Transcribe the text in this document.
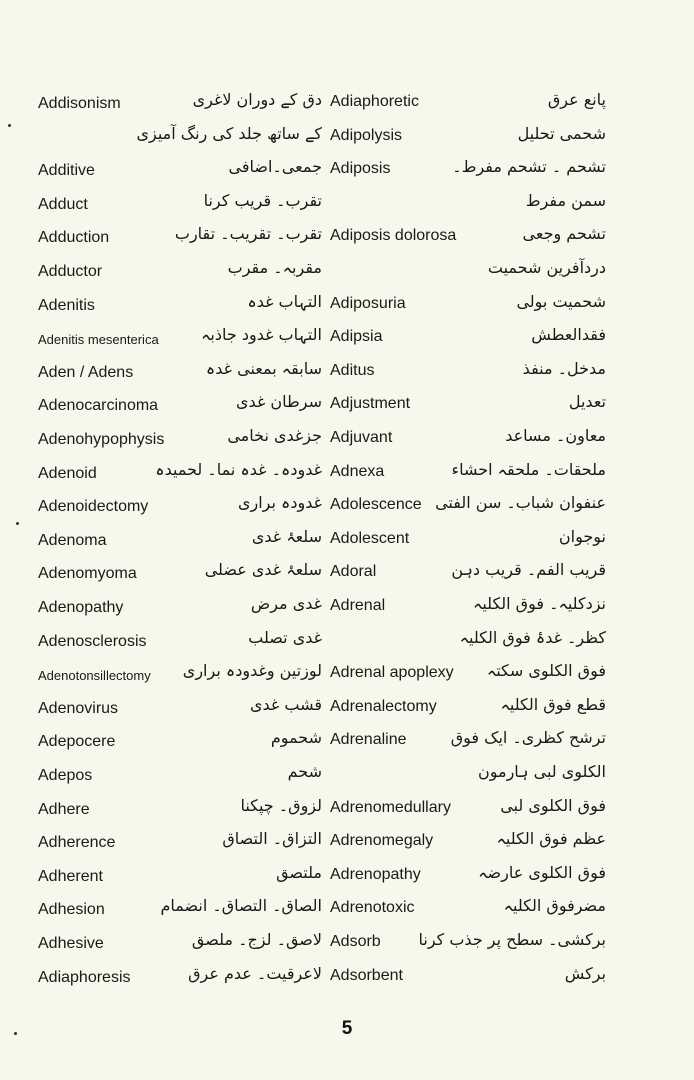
Addisonism	دق کے دوران لاغری Adiaphoretic	پانع عرق
کے ساتھ جلد کی رنگ آمیزی Adipolysis	شحمی تحلیل
Additive	جمعی۔اضافی Adiposis	تشحم ۔ تشحم مفرط۔
Adduct	تقرب۔ قریب کرنا	سمن مفرط
Adduction	تقرب۔ تقریب۔ تقارب Adiposis dolorosa	تشحم وجعی
Adductor	مقربہ۔ مقرب	دردآفرین شحمیت
Adenitis	التہاب غدہ Adiposuria	شحمیت بولی
Adenitis mesenterica	التہاب غدود جاذبہ Adipsia	فقدالعطش
Aden / Adens	سابقہ بمعنی غدہ Aditus	مدخل۔ منفذ
Adenocarcinoma	سرطان غدی Adjustment	تعدیل
Adenohypophysis	جزغدی نخامی Adjuvant	معاون۔ مساعد
Adenoid	غدودہ۔ غدہ نما۔ لحمیدہ Adnexa	ملحقات۔ ملحقہ احشاء
Adenoidectomy	غدودہ براری Adolescence عنفوان شباب۔ سن الفتی
Adenoma	سلعۂ غدی Adolescent	نوجوان
Adenomyoma	سلعۂ غدی عضلی Adoral	قریب الفم۔ قریب دہن
Adenopathy	غدی مرض Adrenal	نزدکلیہ۔ فوق الکلیہ
Adenosclerosis	غدی تصلب	کظر۔ غدۂ فوق الکلیہ
Adenotonsillectomy لوزتین وغدودہ براری Adrenal apoplexy فوق الکلوی سکتہ
Adenovirus	قشب غدی Adrenalectomy	قطع فوق الکلیہ
Adepocere	شحموم Adrenaline	ترشح کظری۔ ایک فوق
Adepos	شحم	الکلوی لبی ہارمون
Adhere	لزوق۔ چپکنا Adrenomedullary	فوق الکلوی لبی
Adherence	التزاق۔ التصاق Adrenomegaly	عظم فوق الکلیہ
Adherent	ملتصق Adrenopathy	فوق الکلوی عارضہ
Adhesion	الصاق۔ التصاق۔ انضمام Adrenotoxic	مضرفوق الکلیہ
Adhesive	لاصق۔ لزج۔ ملصق Adsorb برکشی۔ سطح پر جذب کرنا
Adiaphoresis	لاعرقیت۔ عدم عرق Adsorbent	برکش
5
